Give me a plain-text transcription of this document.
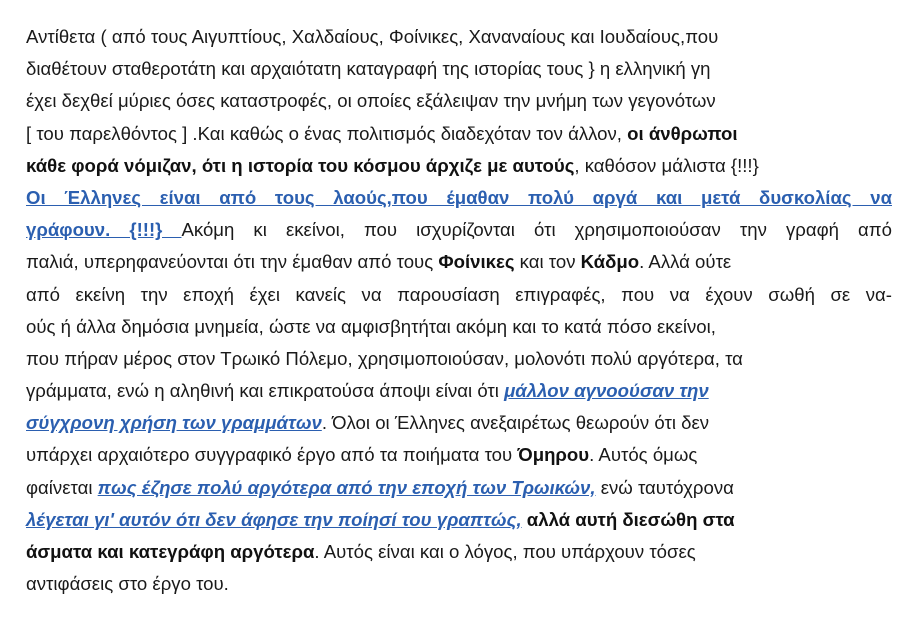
Αντίθετα ( από τους Αιγυπτίους, Χαλδαίους, Φοίνικες, Χαναναίους και Ιουδαίους,που
διαθέτουν σταθεροτάτη και αρχαιότατη καταγραφή της ιστορίας τους } η ελληνική γη
έχει δεχθεί μύριες όσες καταστροφές, οι οποίες εξάλειψαν την μνήμη των γεγονότων
[ του παρελθόντος ] .Και καθώς ο ένας πολιτισμός διαδεχόταν τον άλλον, οι άνθρωποι
κάθε φορά νόμιζαν, ότι η ιστορία του κόσμου άρχιζε με αυτούς, καθόσον μάλιστα {!!!}
Οι Έλληνες είναι από τους λαούς,που έμαθαν πολύ αργά και μετά δυσκολίας να
γράφουν. {!!!} Ακόμη κι εκείνοι, που ισχυρίζονται ότι χρησιμοποιούσαν την γραφή από
παλιά, υπερηφανεύονται ότι την έμαθαν από τους Φοίνικες και τον Κάδμο. Αλλά ούτε
από εκείνη την εποχή έχει κανείς να παρουσίαση επιγραφές, που να έχουν σωθή σε να-
ούς ή άλλα δημόσια μνημεία, ώστε να αμφισβητήται ακόμη και το κατά πόσο εκείνοι,
που πήραν μέρος στον Τρωικό Πόλεμο, χρησιμοποιούσαν, μολονότι πολύ αργότερα, τα
γράμματα, ενώ η αληθινή και επικρατούσα άποψι είναι ότι μάλλον αγνοούσαν την
σύγχρονη χρήση των γραμμάτων. Όλοι οι Έλληνες ανεξαιρέτως θεωρούν ότι δεν
υπάρχει αρχαιότερο συγγραφικό έργο από τα ποιήματα του Όμηρου. Αυτός όμως
φαίνεται πως έζησε πολύ αργότερα από την εποχή των Τρωικών, ενώ ταυτόχρονα
λέγεται γι' αυτόν ότι δεν άφησε την ποίησί του γραπτώς, αλλά αυτή διεσώθη στα
άσματα και κατεγράφη αργότερα. Αυτός είναι και ο λόγος, που υπάρχουν τόσες
αντιφάσεις στο έργο του.
